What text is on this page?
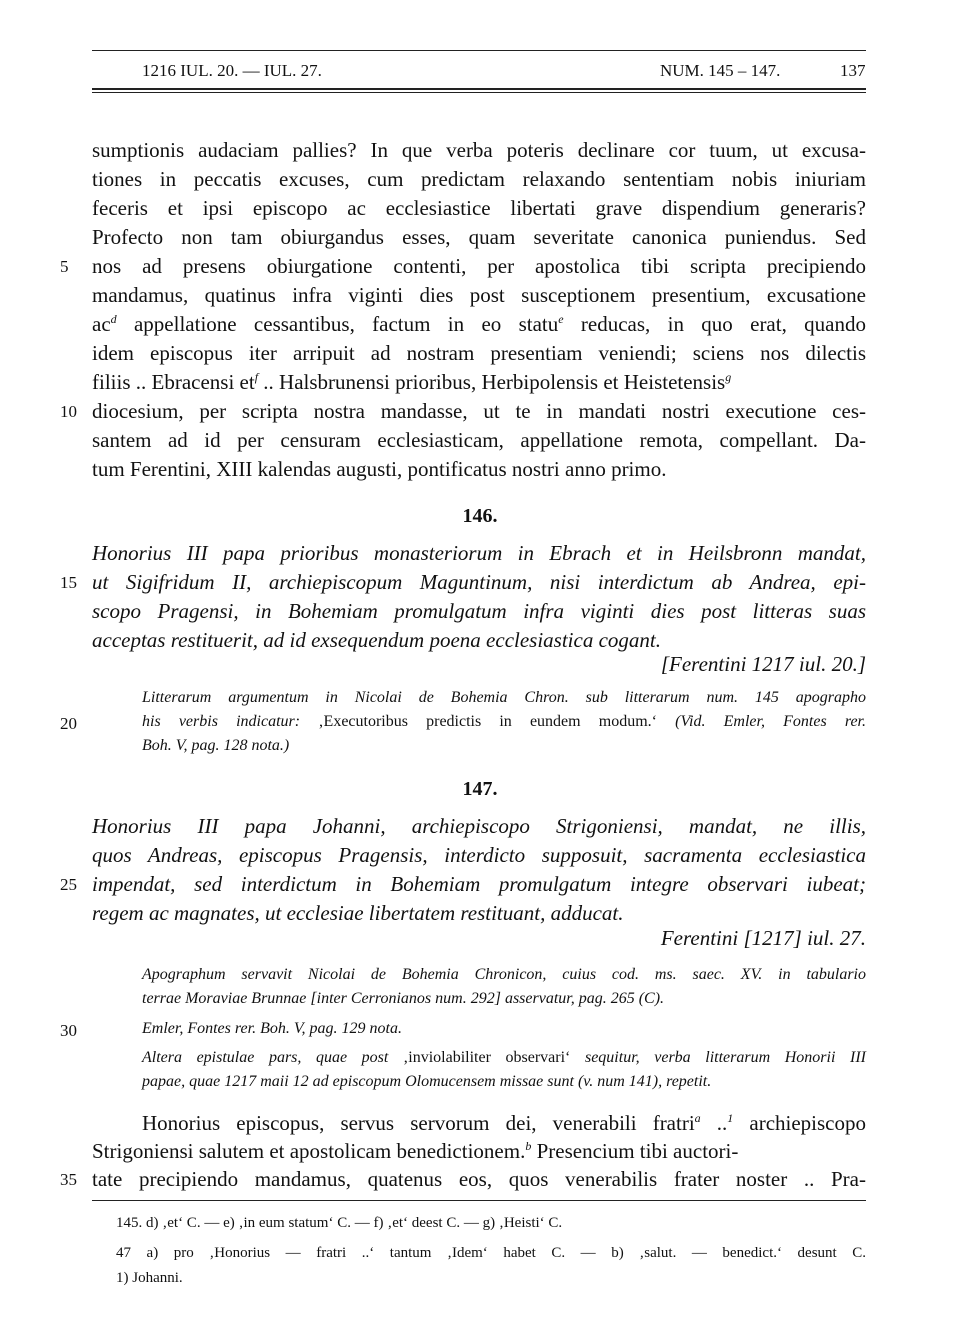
1216 IUL. 20. — IUL. 27.	NUM. 145 – 147.	137
sumptionis audaciam pallies? In que verba poteris declinare cor tuum, ut excusa-
tiones in peccatis excuses, cum predictam relaxando sententiam nobis iniuriam
feceris et ipsi episcopo ac ecclesiastice libertati grave dispendium generaris?
Profecto non tam obiurgandus esses, quam severitate canonica puniendus. Sed
nos ad presens obiurgatione contenti, per apostolica tibi scripta precipiendo
mandamus, quatinus infra viginti dies post susceptionem presentium, excusatione
$ac^d$ appellatione cessantibus, factum in eo statu$^e$ reducas, in quo erat, quando
idem episcopus iter arripuit ad nostram presentiam veniendi; sciens nos dilectis
filiis .. Ebracensi $et^f$ .. Halsbrunensi prioribus, Herbipolensis et Heistetensis$^g$
diocesium, per scripta nostra mandasse, ut te in mandati nostri executione ces-
santem ad id per censuram ecclesiasticam, appellatione remota, compellant. Da-
tum Ferentini, XIII kalendas augusti, pontificatus nostri anno primo.
146.
Honorius III papa prioribus monasteriorum in Ebrach et in Heilsbronn mandat,
ut Sigifridum II, archiepiscopum Maguntinum, nisi interdictum ab Andrea, epi-
scopo Pragensi, in Bohemiam promulgatum infra viginti dies post litteras suas
acceptas restituerit, ad id exsequendum poena ecclesiastica cogant.
[Ferentini 1217 iul. 20.]
Litterarum argumentum in Nicolai de Bohemia Chron. sub litterarum num. 145 apographo
his verbis indicatur: ‚Executoribus predictis in eundem modum.‘ (Vid. Emler, Fontes rer.
Boh. V, pag. 128 nota.)
147.
Honorius III papa Johanni, archiepiscopo Strigoniensi, mandat, ne illis,
quos Andreas, episcopus Pragensis, interdicto supposuit, sacramenta ecclesiastica
impendat, sed interdictum in Bohemiam promulgatum integre observari iubeat;
regem ac magnates, ut ecclesiae libertatem restituant, adducat.
Ferentini [1217] iul. 27.
Apographum servavit Nicolai de Bohemia Chronicon, cuius cod. ms. saec. XV. in tabulario
terrae Moraviae Brunnae [inter Cerronianos num. 292] asservatur, pag. 265 (C).
Emler, Fontes rer. Boh. V, pag. 129 nota.
Altera epistulae pars, quae post ‚inviolabiliter observari‘ sequitur, verba litterarum Honorii III
papae, quae 1217 maii 12 ad episcopum Olomucensem missae sunt (v. num 141), repetit.
Honorius episcopus, servus servorum dei, venerabili fratri$^a$ ..$^1$ archiepiscopo
Strigoniensi salutem et apostolicam benedictionem.$^b$ Presencium tibi auctori-
tate precipiendo mandamus, quatenus eos, quos venerabilis frater noster .. Pra-
5
10
15
20
25
30
35
145. d) ‚et‘ C. — e) ‚in eum statum‘ C. — f) ‚et‘ deest C. — g) ‚Heisti‘ C.
47 a) pro ‚Honorius — fratri ..‘ tantum ‚Idem‘ habet C. — b) ‚salut. — benedict.‘ desunt C.
1) Johanni.
